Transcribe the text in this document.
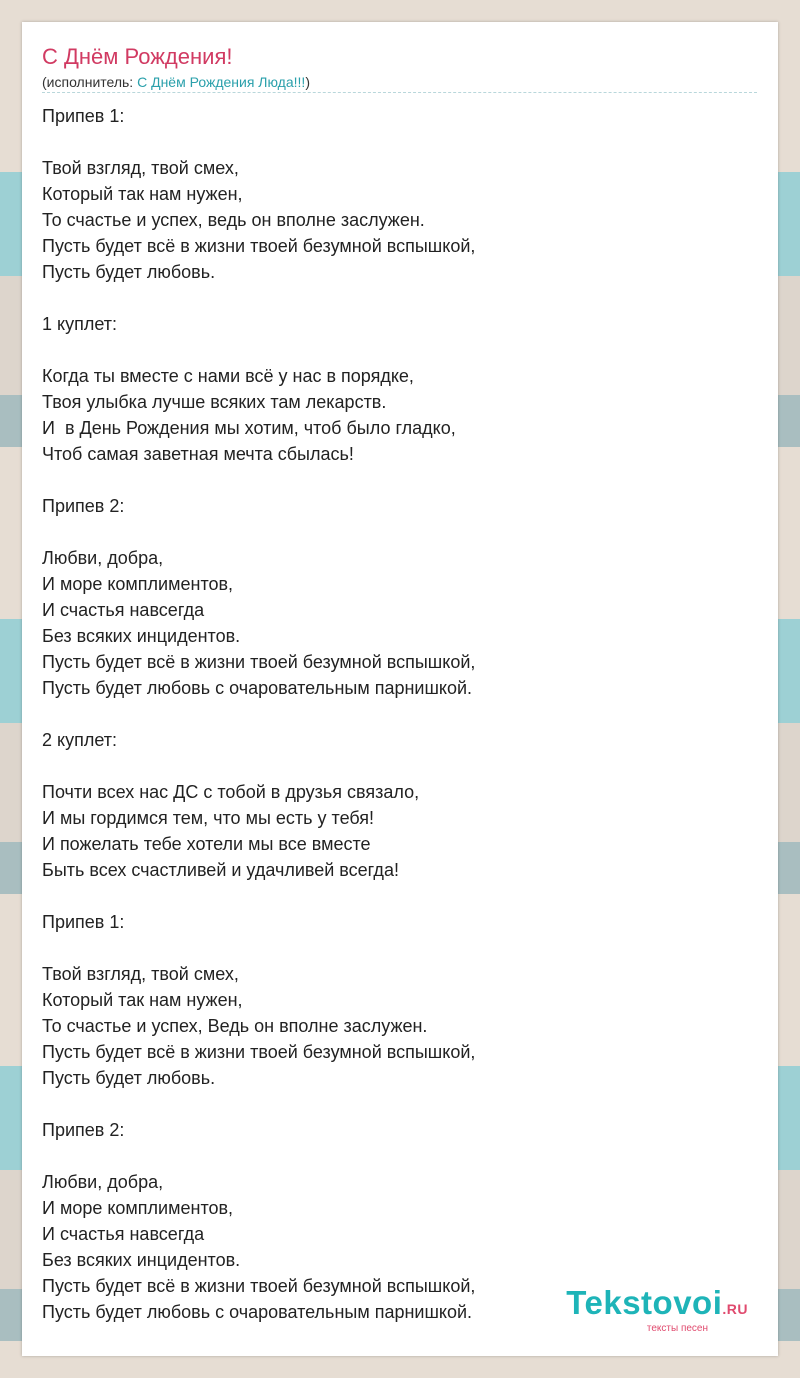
С Днём Рождения!
(исполнитель: С Днём Рождения Люда!!!)
Припев 1:
Твой взгляд, твой смех,
Который так нам нужен,
То счастье и успех, ведь он вполне заслужен.
Пусть будет всё в жизни твоей безумной вспышкой,
Пусть будет любовь.
1 куплет:
Когда ты вместе с нами всё у нас в порядке,
Твоя улыбка лучше всяких там лекарств.
И  в День Рождения мы хотим, чтоб было гладко,
Чтоб самая заветная мечта сбылась!
Припев 2:
Любви, добра,
И море комплиментов,
И счастья навсегда
Без всяких инцидентов.
Пусть будет всё в жизни твоей безумной вспышкой,
Пусть будет любовь с очаровательным парнишкой.
2 куплет:
Почти всех нас ДС с тобой в друзья связало,
И мы гордимся тем, что мы есть у тебя!
И пожелать тебе хотели мы все вместе
Быть всех счастливей и удачливей всегда!
Припев 1:
Твой взгляд, твой смех,
Который так нам нужен,
То счастье и успех, Ведь он вполне заслужен.
Пусть будет всё в жизни твоей безумной вспышкой,
Пусть будет любовь.
Припев 2:
Любви, добра,
И море комплиментов,
И счастья навсегда
Без всяких инцидентов.
Пусть будет всё в жизни твоей безумной вспышкой,
Пусть будет любовь с очаровательным парнишкой.	Tekstovoi.RU
тексты песен
